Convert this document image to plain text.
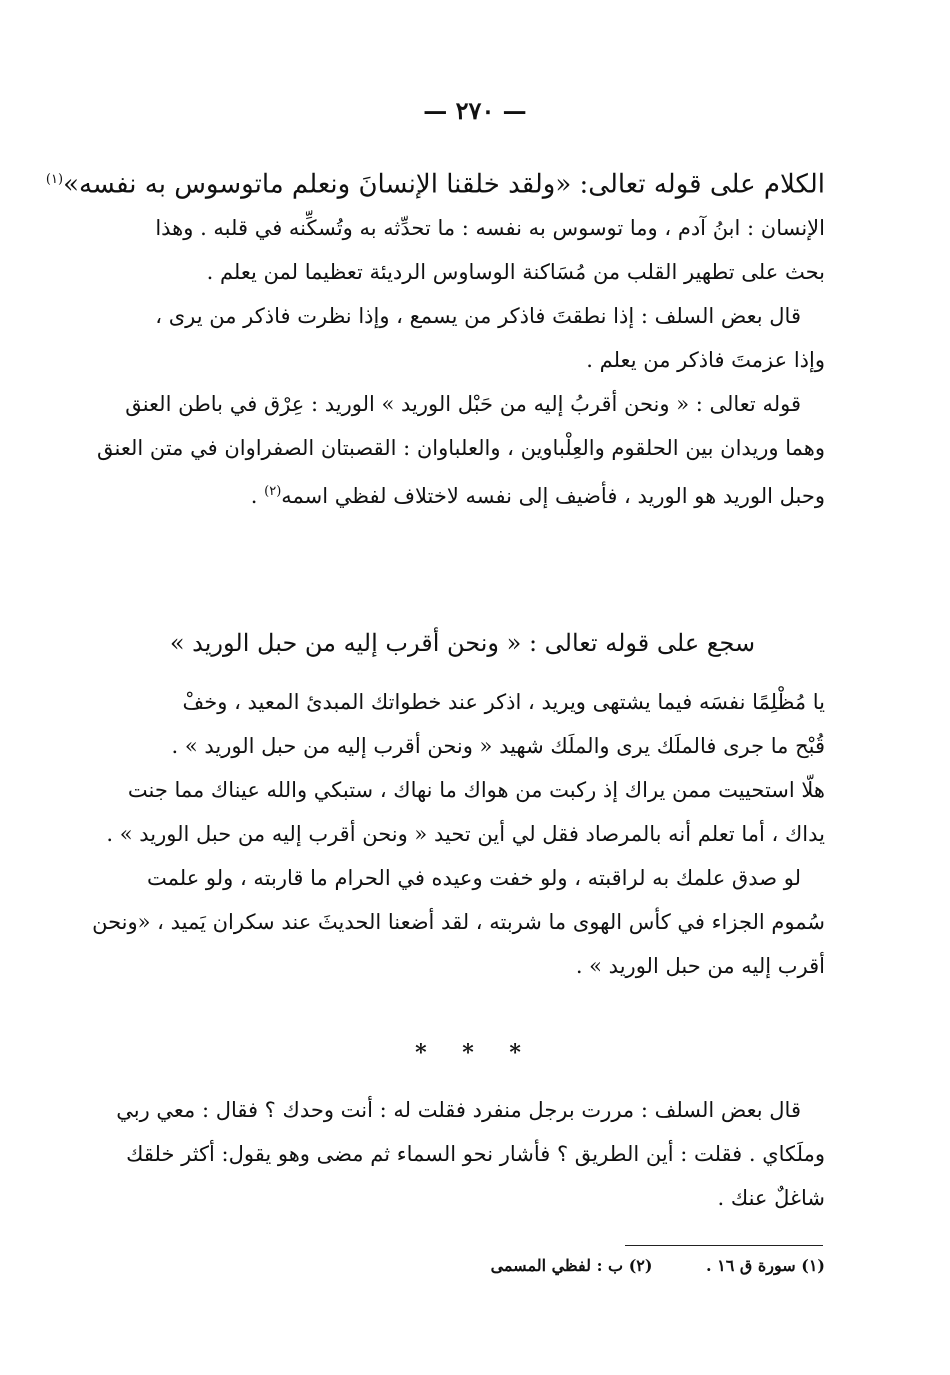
— ٢٧٠ —
الكلام على قوله تعالى: «ولقد خلقنا الإنسانَ ونعلم ماتوسوس به نفسه»$^{(١)}$
الإنسان : ابنُ آدم ، وما توسوس به نفسه : ما تحدِّثه به وتُسكِّنه في قلبه . وهذا
بحث على تطهير القلب من مُسَاكنة الوساوس الرديئة تعظيما لمن يعلم .
قال بعض السلف : إذا نطقتَ فاذكر من يسمع ، وإذا نظرت فاذكر من يرى ،
وإذا عزمتَ فاذكر من يعلم .
قوله تعالى : « ونحن أقربُ إليه من حَبْل الوريد » الوريد : عِرْق في باطن العنق
وهما وريدان بين الحلقوم والعِلْباوين ، والعلباوان : القصبتان الصفراوان في متن العنق
وحبل الوريد هو الوريد ، فأضيف إلى نفسه لاختلاف لفظي اسمه$^{(٢)}$ .
سجع على قوله تعالى : « ونحن أقرب إليه من حبل الوريد »
يا مُظْلِمًا نفسَه فيما يشتهى ويريد ، اذكر عند خطواتك المبدئ المعيد ، وخفْ
قُبْح ما جرى فالملَك يرى والملَك شهيد « ونحن أقرب إليه من حبل الوريد » .
هلّا استحييت ممن يراك إذ ركبت من هواك ما نهاك ، ستبكي والله عيناك مما جنت
يداك ، أما تعلم أنه بالمرصاد فقل لي أين تحيد « ونحن أقرب إليه من حبل الوريد » .
لو صدق علمك به لراقبته ، ولو خفت وعيده في الحرام ما قاربته ، ولو علمت
سُموم الجزاء في كأس الهوى ما شربته ، لقد أضعنا الحديثَ عند سكران يَميد ، «ونحن
أقرب إليه من حبل الوريد » .
* * *
قال بعض السلف : مررت برجل منفرد فقلت له : أنت وحدك ؟ فقال : معي ربي
وملَكاي . فقلت : أين الطريق ؟ فأشار نحو السماء ثم مضى وهو يقول: أكثر خلقك
شاغلٌ عنك .
(١) سورة ق ١٦ . (٢) ب : لفظي المسمى
